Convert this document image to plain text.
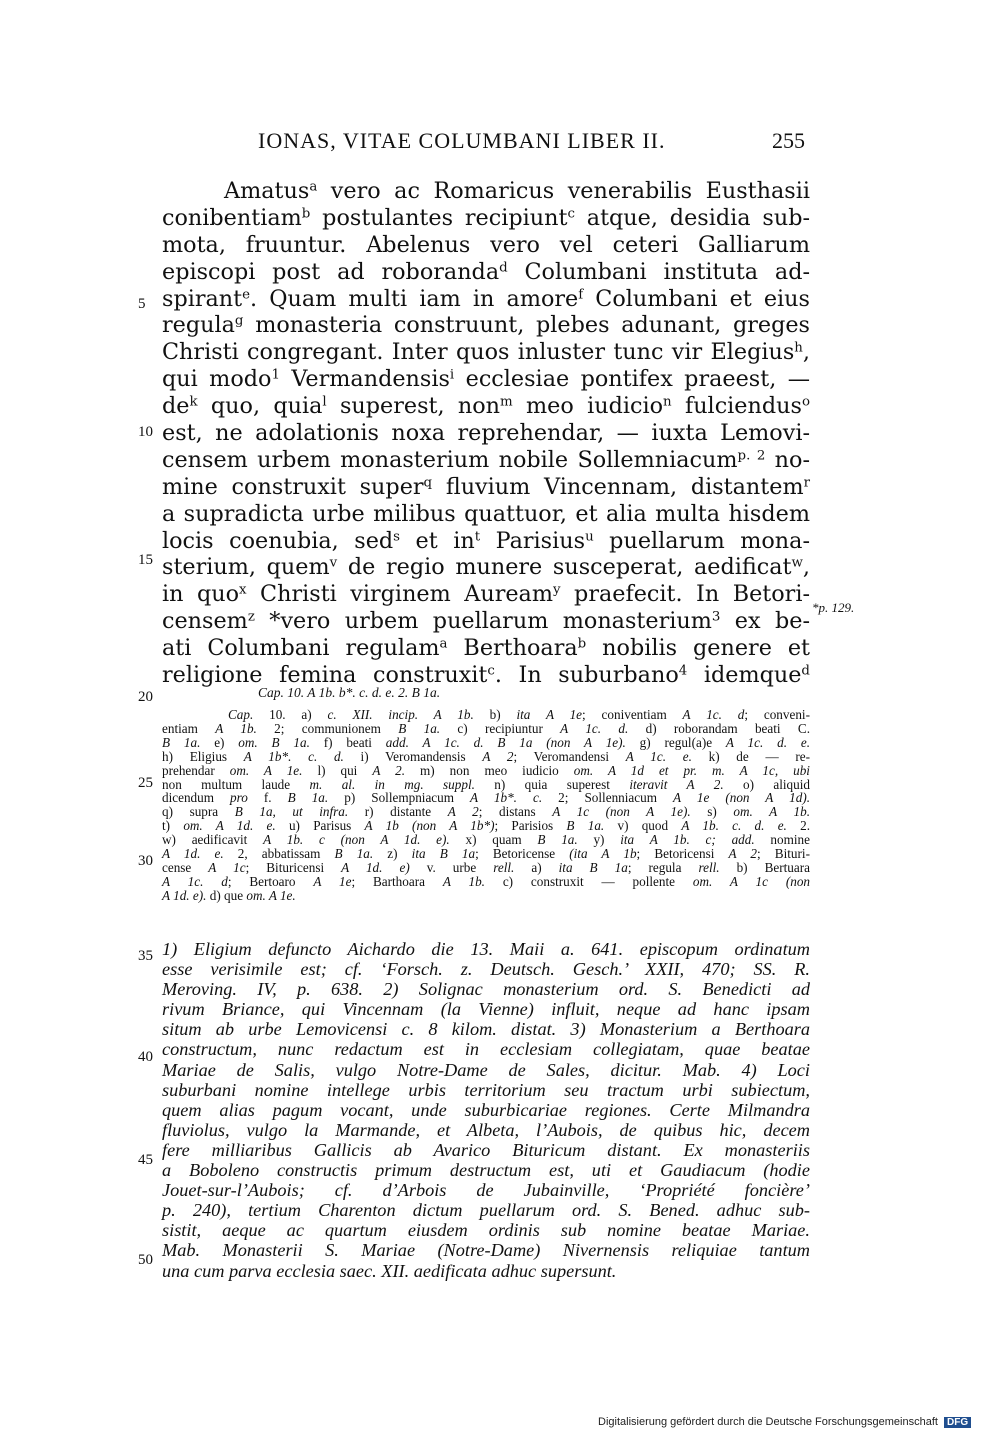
IONAS, VITAE COLUMBANI LIBER II.	255
Amatus$^a$ vero ac Romaricus venerabilis Eusthasii
conibentiam$^b$ postulantes recipiunt$^c$ atque, desidia sub-
mota, fruuntur. Abelenus vero vel ceteri Galliarum
episcopi post ad roboranda$^d$ Columbani instituta ad-
spirant$^e$. Quam multi iam in amore$^f$ Columbani et eius
regula$^g$ monasteria construunt, plebes adunant, greges
Christi congregant. Inter quos inluster tunc vir Elegius$^h$,
qui modo$^1$ Vermandensis$^i$ ecclesiae pontifex praeest, —
$de^k$ quo, quia$^l$ superest, non$^m$ meo iudicio$^n$ fulciendus$^o$
est, ne adolationis noxa reprehendar, — iuxta Lemovi-
censem urbem monasterium nobile Sollemniacum$^{p. 2}$ no-
mine construxit super$^q$ fluvium Vincennam, distantem$^r$
a supradicta urbe milibus quattuor, et alia multa hisdem
locis coenubia, sed$^s$ et $in^t$ Parisius$^u$ puellarum mona-
sterium, quem$^v$ de regio munere susceperat, aedificat$^w$,
in quo$^x$ Christi virginem Auream$^y$ praefecit. In Betori-
censem$^z$ *vero urbem puellarum monasterium$^3$ ex be-
ati Columbani regulam$^a$ Berthoara$^b$ nobilis genere et
religione femina construxit$^c$. In suburbano$^4$ idemque$^d$
*p. 129.
5
10
15
20
25
30
35
40
45
50
Cap. 10. A 1b. b*. c. d. e. 2. B 1a.
Cap. 10. a) c. XII. incip. A 1b. b) ita A 1e; coniventiam A 1c. d; conveni-
entiam A 1b. 2; communionem B 1a. c) recipiuntur A 1c. d. d) roborandam beati C.
B 1a. e) om. B 1a. f) beati add. A 1c. d. B 1a (non A 1e). g) regul(a)e A 1c. d. e.
h) Eligius A 1b*. c. d. i) Veromandensis A 2; Veromandensi A 1c. e. k) de — re-
prehendar om. A 1e. l) qui A 2. m) non meo iudicio om. A 1d et pr. m. A 1c, ubi
non multum laude m. al. in mg. suppl. n) quia superest iteravit A 2. o) aliquid
dicendum pro f. B 1a. p) Sollempniacum A 1b*. c. 2; Sollenniacum A 1e (non A 1d).
q) supra B 1a, ut infra. r) distante A 2; distans A 1c (non A 1e). s) om. A 1b.
t) om. A 1d. e. u) Parisus A 1b (non A 1b*); Parisios B 1a. v) quod A 1b. c. d. e. 2.
w) aedificavit A 1b. c (non A 1d. e). x) quam B 1a. y) ita A 1b. c; add. nomine
A 1d. e. 2, abbatissam B 1a. z) ita B 1a; Betoricense (ita A 1b; Betoricensi A 2; Bituri-
cense A 1c; Bituricensi A 1d. e) v. urbe rell. a) ita B 1a; regula rell. b) Bertuara
A 1c. d; Bertoaro A 1e; Barthoara A 1b. c) construxit — pollente om. A 1c (non
A 1d. e). d) que om. A 1e.
1) Eligium defuncto Aichardo die 13. Maii a. 641. episcopum ordinatum
esse verisimile est; cf. ‘Forsch. z. Deutsch. Gesch.’ XXII, 470; SS. R.
Meroving. IV, p. 638. 2) Solignac monasterium ord. S. Benedicti ad
rivum Briance, qui Vincennam (la Vienne) influit, neque ad hanc ipsam
situm ab urbe Lemovicensi c. 8 kilom. distat. 3) Monasterium a Berthoara
constructum, nunc redactum est in ecclesiam collegiatam, quae beatae
Mariae de Salis, vulgo Notre-Dame de Sales, dicitur. Mab. 4) Loci
suburbani nomine intellege urbis territorium seu tractum urbi subiectum,
quem alias pagum vocant, unde suburbicariae regiones. Certe Milmandra
fluviolus, vulgo la Marmande, et Albeta, l’Aubois, de quibus hic, decem
fere milliaribus Gallicis ab Avarico Bituricum distant. Ex monasteriis
a Boboleno constructis primum destructum est, uti et Gaudiacum (hodie
Jouet-sur-l’Aubois; cf. d’Arbois de Jubainville, ‘Propriété foncière’
p. 240), tertium Charenton dictum puellarum ord. S. Bened. adhuc sub-
sistit, aeque ac quartum eiusdem ordinis sub nomine beatae Mariae.
Mab. Monasterii S. Mariae (Notre-Dame) Nivernensis reliquiae tantum
una cum parva ecclesia saec. XII. aedificata adhuc supersunt.
Digitalisierung gefördert durch die Deutsche Forschungsgemeinschaft DFG
